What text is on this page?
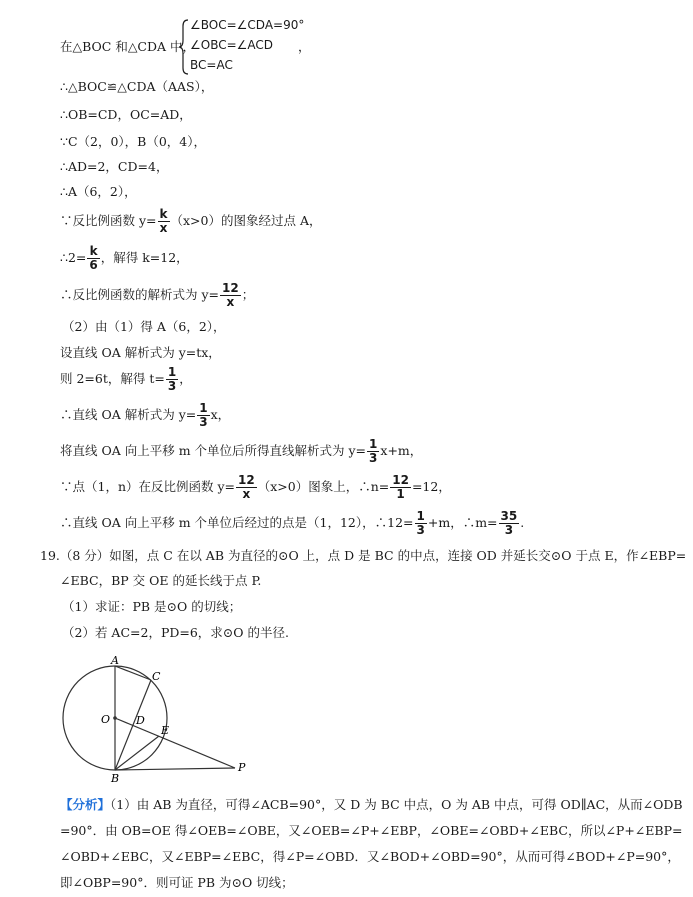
在△BOC 和△CDA 中，
∠BOC=∠CDA=90°
∠OBC=∠ACD
BC=AC
，
∴△BOC≌△CDA（AAS），
∴OB=CD，OC=AD，
∵C（2，0），B（0，4），
∴AD=2，CD=4，
∴A（6，2），
∵反比例函数 $y= \frac{k}{x} (x>0)$的图象经过点 A，
∴2= $\frac{k}{6}$ ，解得 k=12，
∴反比例函数的解析式为 $y= \frac{12}{x}$ ；
（2）由（1）得 A（6，2），
设直线 OA 解析式为 y=tx，
则 2=6t，解得 $t= \frac{1}{3}$ ，
∴直线 OA 解析式为 $y= \frac{1}{3}$ x，
将直线 OA 向上平移 m 个单位后所得直线解析式为 $y= \frac{1}{3} x+m$，
∵点（1，n）在反比例函数 $y= \frac{12}{x} (x>0)$图象上，∴n= $\frac{12}{1} =12$，
∴直线 OA 向上平移 m 个单位后经过的点是（1，12），∴12= $\frac{1}{3} +m$，∴m= $\frac{35}{3}$ .
19.（8 分）如图，点 C 在以 AB 为直径的⊙O 上，点 D 是 BC 的中点，连接 OD 并延长交⊙O 于点 E，作∠EBP=
∠EBC，BP 交 OE 的延长线于点 P.
（1）求证：PB 是⊙O 的切线；
（2）若 AC=2，PD=6，求⊙O 的半径.
A
C
O D
E
B
P
【分析】（1）由 AB 为直径，可得∠ACB=90°，又 D 为 BC 中点，O 为 AB 中点，可得 OD∥AC，从而∠ODB
=90°．由 OB=OE 得∠OEB=∠OBE，又∠OEB=∠P+∠EBP，∠OBE=∠OBD+∠EBC，所以∠P+∠EBP=
∠OBD+∠EBC，又∠EBP=∠EBC，得∠P=∠OBD．又∠BOD+∠OBD=90°，从而可得∠BOD+∠P=90°，
即∠OBP=90°．则可证 PB 为⊙O 切线；
